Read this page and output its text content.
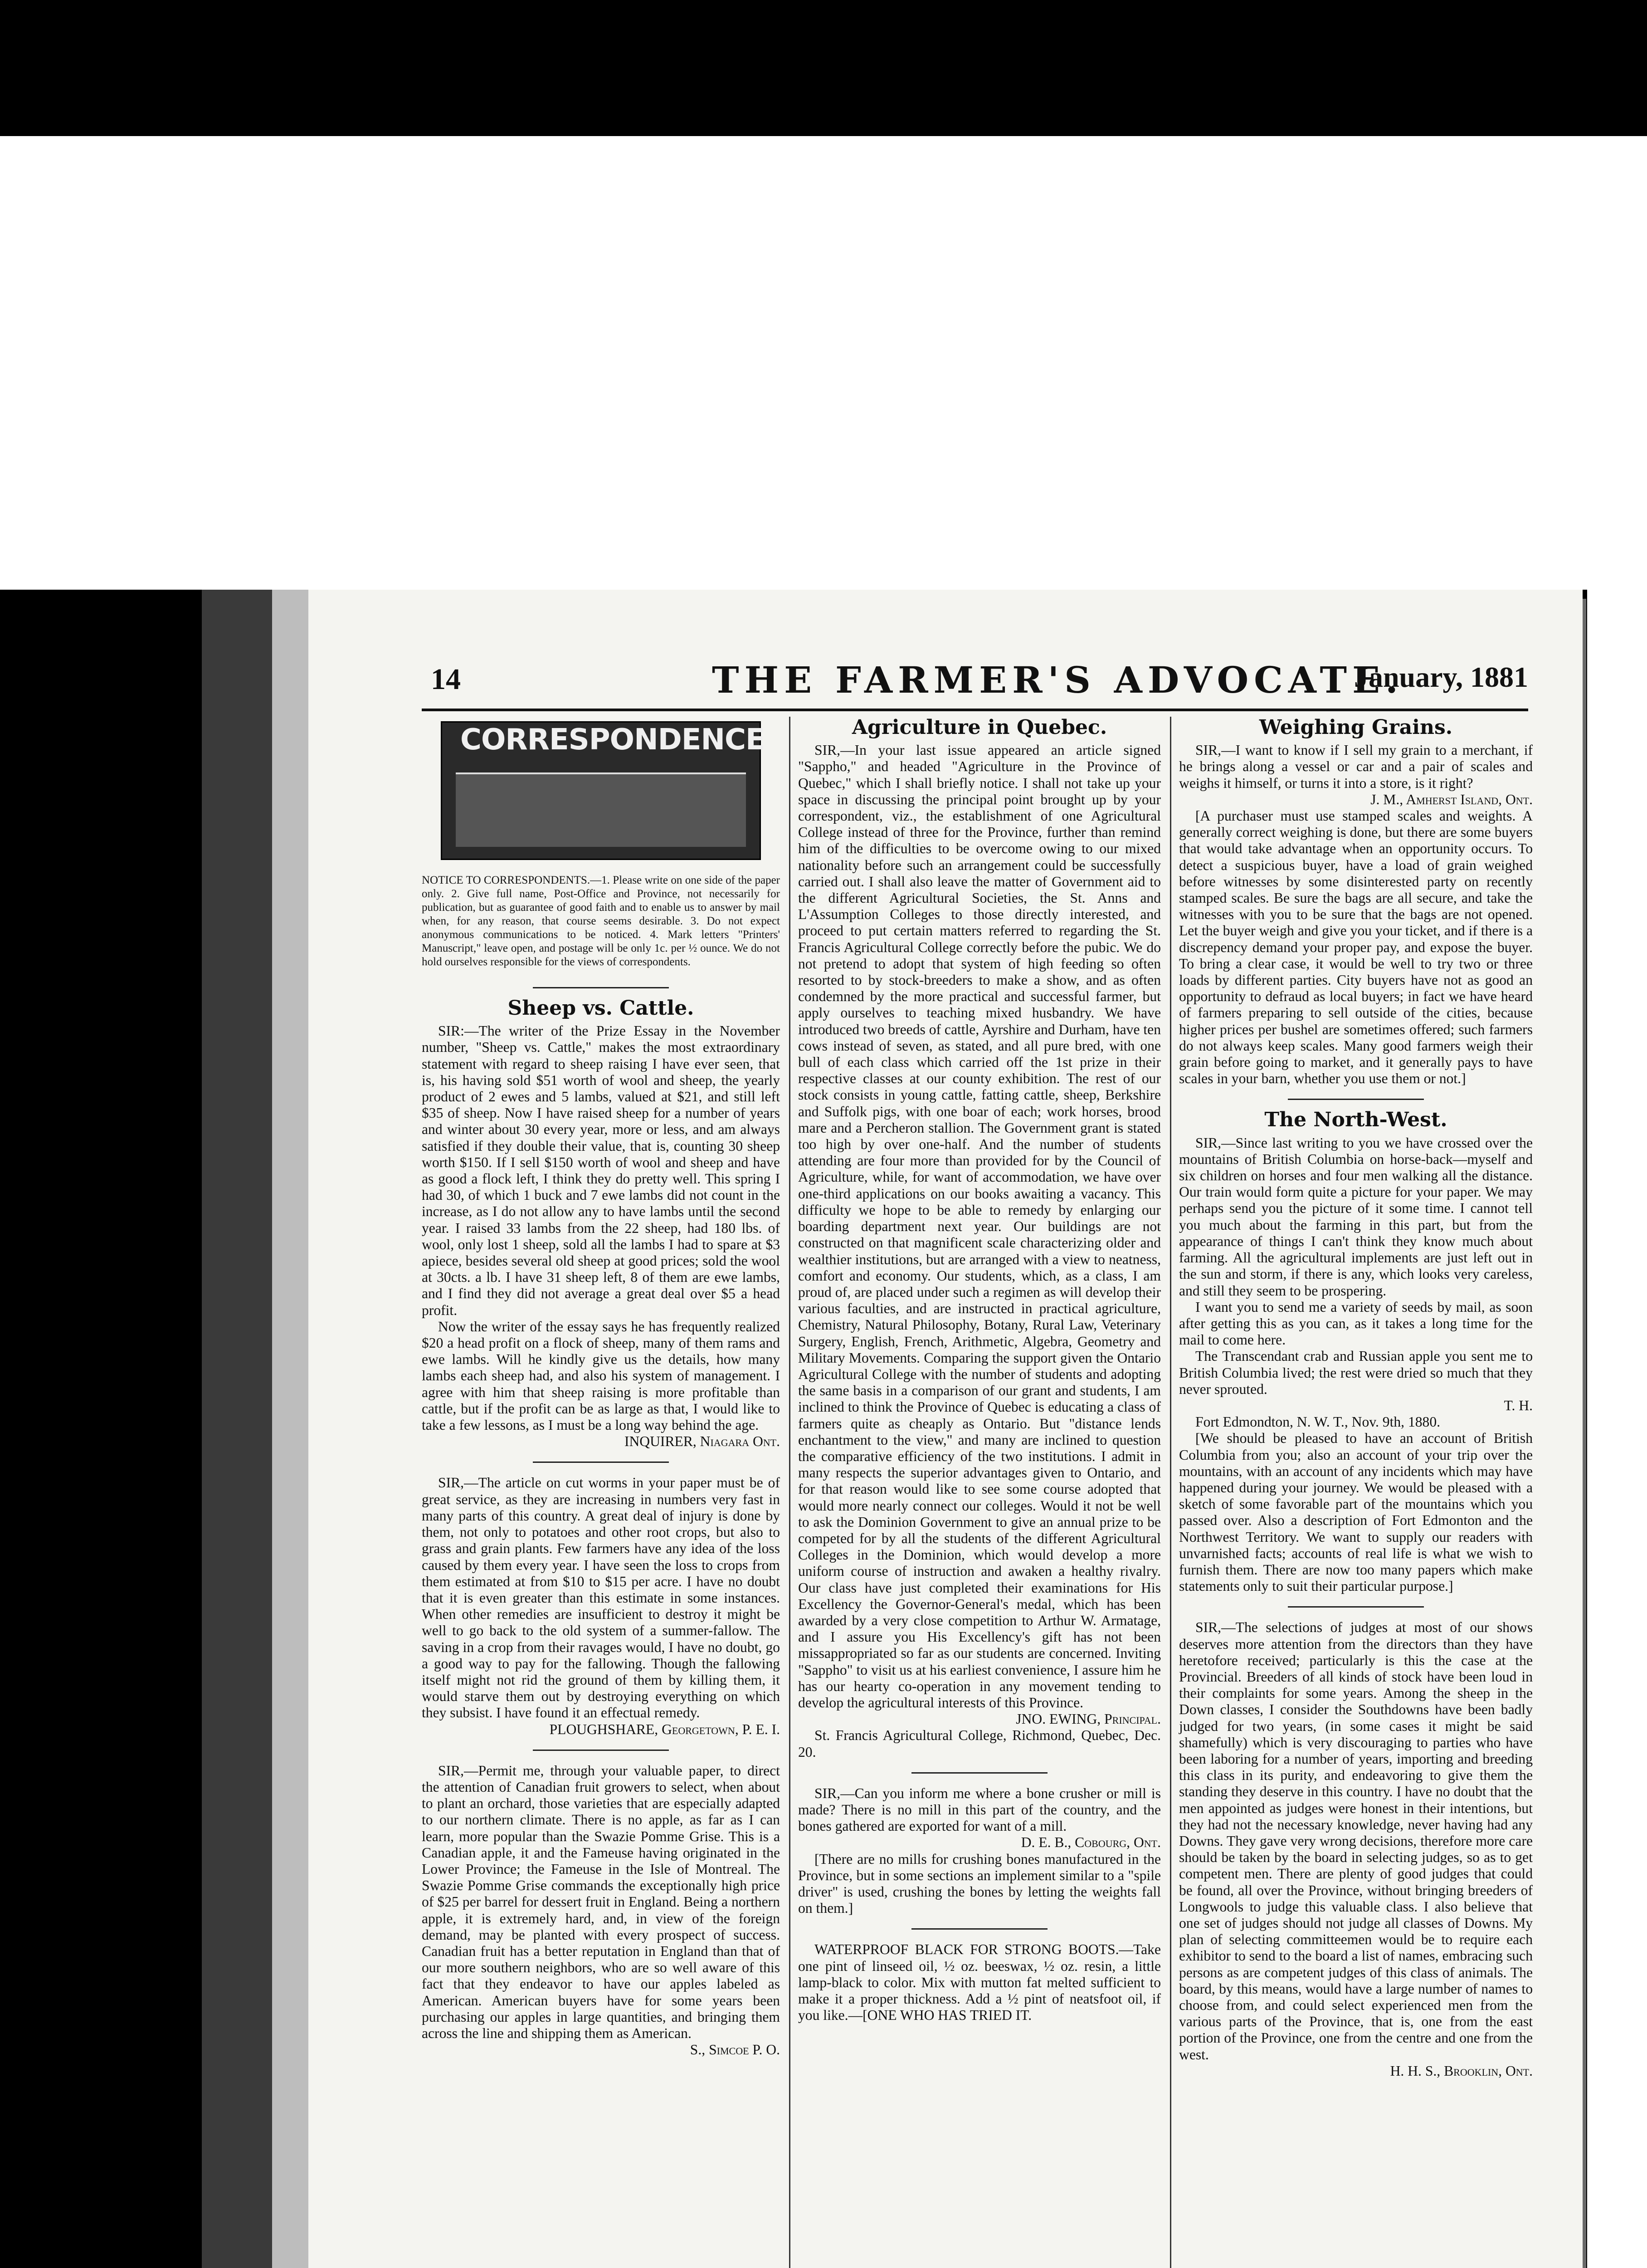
14	THE FARMER'S ADVOCATE.
January, 1881
CORRESPONDENCE
NOTICE TO CORRESPONDENTS.—1. Please write on one side of the paper only. 2. Give full name, Post-Office and Province, not necessarily for publication, but as guarantee of good faith and to enable us to answer by mail when, for any reason, that course seems desirable. 3. Do not expect anonymous communications to be noticed. 4. Mark letters "Printers' Manuscript," leave open, and postage will be only 1c. per ½ ounce. We do not hold ourselves responsible for the views of correspondents.
Sheep vs. Cattle.

SIR:—The writer of the Prize Essay in the November number, "Sheep vs. Cattle," makes the most extraordinary statement with regard to sheep raising I have ever seen, that is, his having sold $51 worth of wool and sheep, the yearly product of 2 ewes and 5 lambs, valued at $21, and still left $35 of sheep. Now I have raised sheep for a number of years and winter about 30 every year, more or less, and am always satisfied if they double their value, that is, counting 30 sheep worth $150. If I sell $150 worth of wool and sheep and have as good a flock left, I think they do pretty well. This spring I had 30, of which 1 buck and 7 ewe lambs did not count in the increase, as I do not allow any to have lambs until the second year. I raised 33 lambs from the 22 sheep, had 180 lbs. of wool, only lost 1 sheep, sold all the lambs I had to spare at $3 apiece, besides several old sheep at good prices; sold the wool at 30cts. a lb. I have 31 sheep left, 8 of them are ewe lambs, and I find they did not average a great deal over $5 a head profit.

Now the writer of the essay says he has frequently realized $20 a head profit on a flock of sheep, many of them rams and ewe lambs. Will he kindly give us the details, how many lambs each sheep had, and also his system of management. I agree with him that sheep raising is more profitable than cattle, but if the profit can be as large as that, I would like to take a few lessons, as I must be a long way behind the age.

INQUIRER, Niagara Ont.

SIR,—The article on cut worms in your paper must be of great service, as they are increasing in numbers very fast in many parts of this country. A great deal of injury is done by them, not only to potatoes and other root crops, but also to grass and grain plants. Few farmers have any idea of the loss caused by them every year. I have seen the loss to crops from them estimated at from $10 to $15 per acre. I have no doubt that it is even greater than this estimate in some instances. When other remedies are insufficient to destroy it might be well to go back to the old system of a summer-fallow. The saving in a crop from their ravages would, I have no doubt, go a good way to pay for the fallowing. Though the fallowing itself might not rid the ground of them by killing them, it would starve them out by destroying everything on which they subsist. I have found it an effectual remedy.

PLOUGHSHARE, Georgetown, P. E. I.

SIR,—Permit me, through your valuable paper, to direct the attention of Canadian fruit growers to select, when about to plant an orchard, those varieties that are especially adapted to our northern climate. There is no apple, as far as I can learn, more popular than the Swazie Pomme Grise. This is a Canadian apple, it and the Fameuse having originated in the Lower Province; the Fameuse in the Isle of Montreal. The Swazie Pomme Grise commands the exceptionally high price of $25 per barrel for dessert fruit in England. Being a northern apple, it is extremely hard, and, in view of the foreign demand, may be planted with every prospect of success. Canadian fruit has a better reputation in England than that of our more southern neighbors, who are so well aware of this fact that they endeavor to have our apples labeled as American. American buyers have for some years been purchasing our apples in large quantities, and bringing them across the line and shipping them as American.

S., Simcoe P. O.

Agriculture in Quebec.

SIR,—In your last issue appeared an article signed "Sappho," and headed "Agriculture in the Province of Quebec," which I shall briefly notice. I shall not take up your space in discussing the principal point brought up by your correspondent, viz., the establishment of one Agricultural College instead of three for the Province, further than remind him of the difficulties to be overcome owing to our mixed nationality before such an arrangement could be successfully carried out. I shall also leave the matter of Government aid to the different Agricultural Societies, the St. Anns and L'Assumption Colleges to those directly interested, and proceed to put certain matters referred to regarding the St. Francis Agricultural College correctly before the pubic. We do not pretend to adopt that system of high feeding so often resorted to by stock-breeders to make a show, and as often condemned by the more practical and successful farmer, but apply ourselves to teaching mixed husbandry. We have introduced two breeds of cattle, Ayrshire and Durham, have ten cows instead of seven, as stated, and all pure bred, with one bull of each class which carried off the 1st prize in their respective classes at our county exhibition. The rest of our stock consists in young cattle, fatting cattle, sheep, Berkshire and Suffolk pigs, with one boar of each; work horses, brood mare and a Percheron stallion. The Government grant is stated too high by over one-half. And the number of students attending are four more than provided for by the Council of Agriculture, while, for want of accommodation, we have over one-third applications on our books awaiting a vacancy. This difficulty we hope to be able to remedy by enlarging our boarding department next year. Our buildings are not constructed on that magnificent scale characterizing older and wealthier institutions, but are arranged with a view to neatness, comfort and economy. Our students, which, as a class, I am proud of, are placed under such a regimen as will develop their various faculties, and are instructed in practical agriculture, Chemistry, Natural Philosophy, Botany, Rural Law, Veterinary Surgery, English, French, Arithmetic, Algebra, Geometry and Military Movements. Comparing the support given the Ontario Agricultural College with the number of students and adopting the same basis in a comparison of our grant and students, I am inclined to think the Province of Quebec is educating a class of farmers quite as cheaply as Ontario. But "distance lends enchantment to the view," and many are inclined to question the comparative efficiency of the two institutions. I admit in many respects the superior advantages given to Ontario, and for that reason would like to see some course adopted that would more nearly connect our colleges. Would it not be well to ask the Dominion Government to give an annual prize to be competed for by all the students of the different Agricultural Colleges in the Dominion, which would develop a more uniform course of instruction and awaken a healthy rivalry. Our class have just completed their examinations for His Excellency the Governor-General's medal, which has been awarded by a very close competition to Arthur W. Armatage, and I assure you His Excellency's gift has not been missappropriated so far as our students are concerned. Inviting "Sappho" to visit us at his earliest convenience, I assure him he has our hearty co-operation in any movement tending to develop the agricultural interests of this Province.

JNO. EWING, Principal.

St. Francis Agricultural College, Richmond, Quebec, Dec. 20.

SIR,—Can you inform me where a bone crusher or mill is made? There is no mill in this part of the country, and the bones gathered are exported for want of a mill.

D. E. B., Cobourg, Ont.

[There are no mills for crushing bones manufactured in the Province, but in some sections an implement similar to a "spile driver" is used, crushing the bones by letting the weights fall on them.]

WATERPROOF BLACK FOR STRONG BOOTS.—Take one pint of linseed oil, ½ oz. beeswax, ½ oz. resin, a little lamp-black to color. Mix with mutton fat melted sufficient to make it a proper thickness. Add a ½ pint of neatsfoot oil, if you like.—[ONE WHO HAS TRIED IT.

Weighing Grains.

SIR,—I want to know if I sell my grain to a merchant, if he brings along a vessel or car and a pair of scales and weighs it himself, or turns it into a store, is it right?

J. M., Amherst Island, Ont.

[A purchaser must use stamped scales and weights. A generally correct weighing is done, but there are some buyers that would take advantage when an opportunity occurs. To detect a suspicious buyer, have a load of grain weighed before witnesses by some disinterested party on recently stamped scales. Be sure the bags are all secure, and take the witnesses with you to be sure that the bags are not opened. Let the buyer weigh and give you your ticket, and if there is a discrepency demand your proper pay, and expose the buyer. To bring a clear case, it would be well to try two or three loads by different parties. City buyers have not as good an opportunity to defraud as local buyers; in fact we have heard of farmers preparing to sell outside of the cities, because higher prices per bushel are sometimes offered; such farmers do not always keep scales. Many good farmers weigh their grain before going to market, and it generally pays to have scales in your barn, whether you use them or not.]

The North-West.

SIR,—Since last writing to you we have crossed over the mountains of British Columbia on horse-back—myself and six children on horses and four men walking all the distance. Our train would form quite a picture for your paper. We may perhaps send you the picture of it some time. I cannot tell you much about the farming in this part, but from the appearance of things I can't think they know much about farming. All the agricultural implements are just left out in the sun and storm, if there is any, which looks very careless, and still they seem to be prospering.

I want you to send me a variety of seeds by mail, as soon after getting this as you can, as it takes a long time for the mail to come here.

The Transcendant crab and Russian apple you sent me to British Columbia lived; the rest were dried so much that they never sprouted.

T. H.

Fort Edmondton, N. W. T., Nov. 9th, 1880.

[We should be pleased to have an account of British Columbia from you; also an account of your trip over the mountains, with an account of any incidents which may have happened during your journey. We would be pleased with a sketch of some favorable part of the mountains which you passed over. Also a description of Fort Edmonton and the Northwest Territory. We want to supply our readers with unvarnished facts; accounts of real life is what we wish to furnish them. There are now too many papers which make statements only to suit their particular purpose.]

SIR,—The selections of judges at most of our shows deserves more attention from the directors than they have heretofore received; particularly is this the case at the Provincial. Breeders of all kinds of stock have been loud in their complaints for some years. Among the sheep in the Down classes, I consider the Southdowns have been badly judged for two years, (in some cases it might be said shamefully) which is very discouraging to parties who have been laboring for a number of years, importing and breeding this class in its purity, and endeavoring to give them the standing they deserve in this country. I have no doubt that the men appointed as judges were honest in their intentions, but they had not the necessary knowledge, never having had any Downs. They gave very wrong decisions, therefore more care should be taken by the board in selecting judges, so as to get competent men. There are plenty of good judges that could be found, all over the Province, without bringing breeders of Longwools to judge this valuable class. I also believe that one set of judges should not judge all classes of Downs. My plan of selecting committeemen would be to require each exhibitor to send to the board a list of names, embracing such persons as are competent judges of this class of animals. The board, by this means, would have a large number of names to choose from, and could select experienced men from the various parts of the Province, that is, one from the east portion of the Province, one from the centre and one from the west.

H. H. S., Brooklin, Ont.
